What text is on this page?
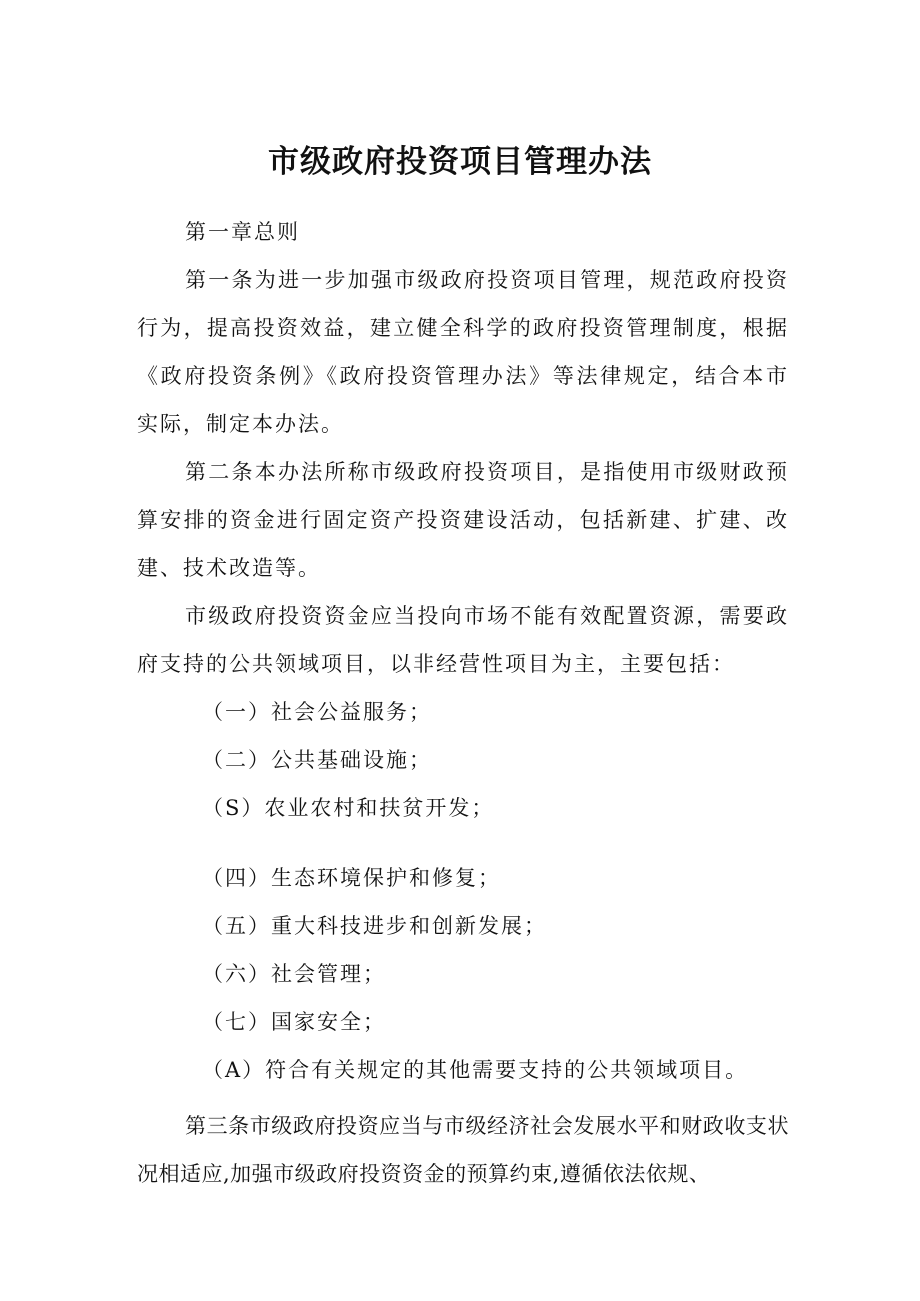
市级政府投资项目管理办法

第一章总则

第一条为进一步加强市级政府投资项目管理，规范政府投资行为，提高投资效益，建立健全科学的政府投资管理制度，根据《政府投资条例》《政府投资管理办法》等法律规定，结合本市实际，制定本办法。

第二条本办法所称市级政府投资项目，是指使用市级财政预算安排的资金进行固定资产投资建设活动，包括新建、扩建、改建、技术改造等。

市级政府投资资金应当投向市场不能有效配置资源，需要政府支持的公共领域项目，以非经营性项目为主，主要包括：

（一）社会公益服务；

（二）公共基础设施；

（S）农业农村和扶贫开发；

（四）生态环境保护和修复；

（五）重大科技进步和创新发展；

（六）社会管理；

（七）国家安全；

（A）符合有关规定的其他需要支持的公共领域项目。

第三条市级政府投资应当与市级经济社会发展水平和财政收支状况相适应,加强市级政府投资资金的预算约束,遵循依法依规、
